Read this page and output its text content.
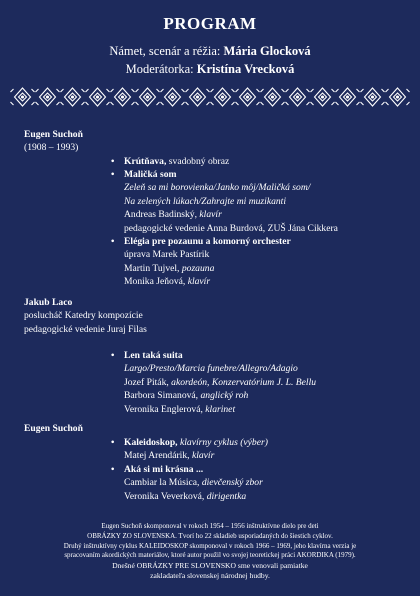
PROGRAM
Námet, scenár a réžia: Mária Glocková
Moderátorka: Kristína Vrecková
Eugen Suchoň
(1908 – 1993)
• Krútňava, svadobný obraz
• Maličká som
Zeleň sa mi borovienka/Janko môj/Maličká som/
Na zelených lúkach/Zahrajte mi muzikanti
Andreas Badinský, klavír
pedagogické vedenie Anna Burdová, ZUŠ Jána Cikkera
• Elégia pre pozaunu a komorný orchester
úprava Marek Pastírik
Martin Tujvel, pozauna
Monika Jeňová, klavír
Jakub Laco
poslucháč Katedry kompozície
pedagogické vedenie Juraj Filas
• Len taká suita
Largo/Presto/Marcia funebre/Allegro/Adagio
Jozef Piták, akordeón, Konzervatórium J. L. Bellu
Barbora Simanová, anglický roh
Veronika Englerová, klarinet
Eugen Suchoň
• Kaleidoskop, klavírny cyklus (výber)
Matej Arendárik, klavír
• Aká si mi krásna ...
Cambiar la Música, dievčenský zbor
Veronika Veverková, dirigentka
Eugen Suchoň skomponoval v rokoch 1954 – 1956 inštruktívne dielo pre deti
OBRÁZKY ZO SLOVENSKA. Tvorí ho 22 skladieb usporiadaných do šiestich cyklov.
Druhý inštruktívny cyklus KALEIDOSKOP skomponoval v rokoch 1966 – 1969, jeho klavírna verzia je
spracovaním akordických materiálov, ktoré autor použil vo svojej teoretickej práci AKORDIKA (1979).
Dnešné OBRÁZKY PRE SLOVENSKO sme venovali pamiatke
zakladateľa slovenskej národnej hudby.
